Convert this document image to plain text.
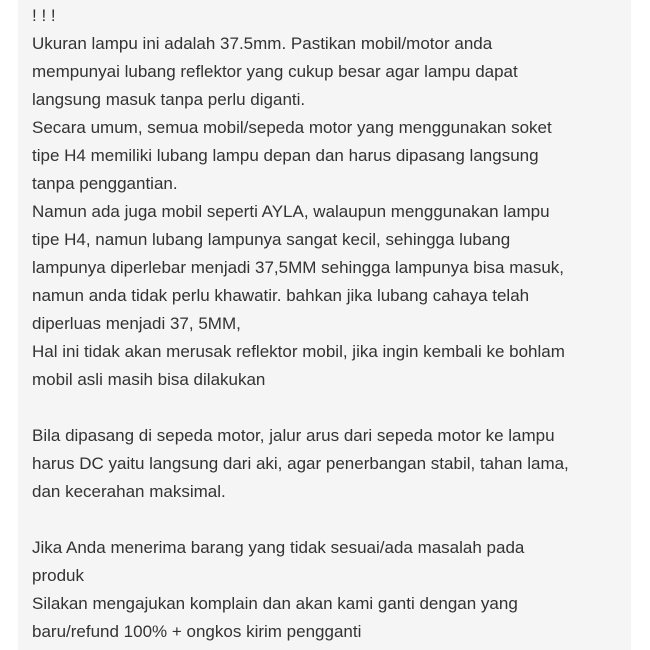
! ! !
Ukuran lampu ini adalah 37.5mm. Pastikan mobil/motor anda
mempunyai lubang reflektor yang cukup besar agar lampu dapat
langsung masuk tanpa perlu diganti.
Secara umum, semua mobil/sepeda motor yang menggunakan soket
tipe H4 memiliki lubang lampu depan dan harus dipasang langsung
tanpa penggantian.
Namun ada juga mobil seperti AYLA, walaupun menggunakan lampu
tipe H4, namun lubang lampunya sangat kecil, sehingga lubang
lampunya diperlebar menjadi 37,5MM sehingga lampunya bisa masuk,
namun anda tidak perlu khawatir. bahkan jika lubang cahaya telah
diperluas menjadi 37, 5MM,
Hal ini tidak akan merusak reflektor mobil, jika ingin kembali ke bohlam
mobil asli masih bisa dilakukan
Bila dipasang di sepeda motor, jalur arus dari sepeda motor ke lampu
harus DC yaitu langsung dari aki, agar penerbangan stabil, tahan lama,
dan kecerahan maksimal.
Jika Anda menerima barang yang tidak sesuai/ada masalah pada
produk
Silakan mengajukan komplain dan akan kami ganti dengan yang
baru/refund 100% + ongkos kirim pengganti
